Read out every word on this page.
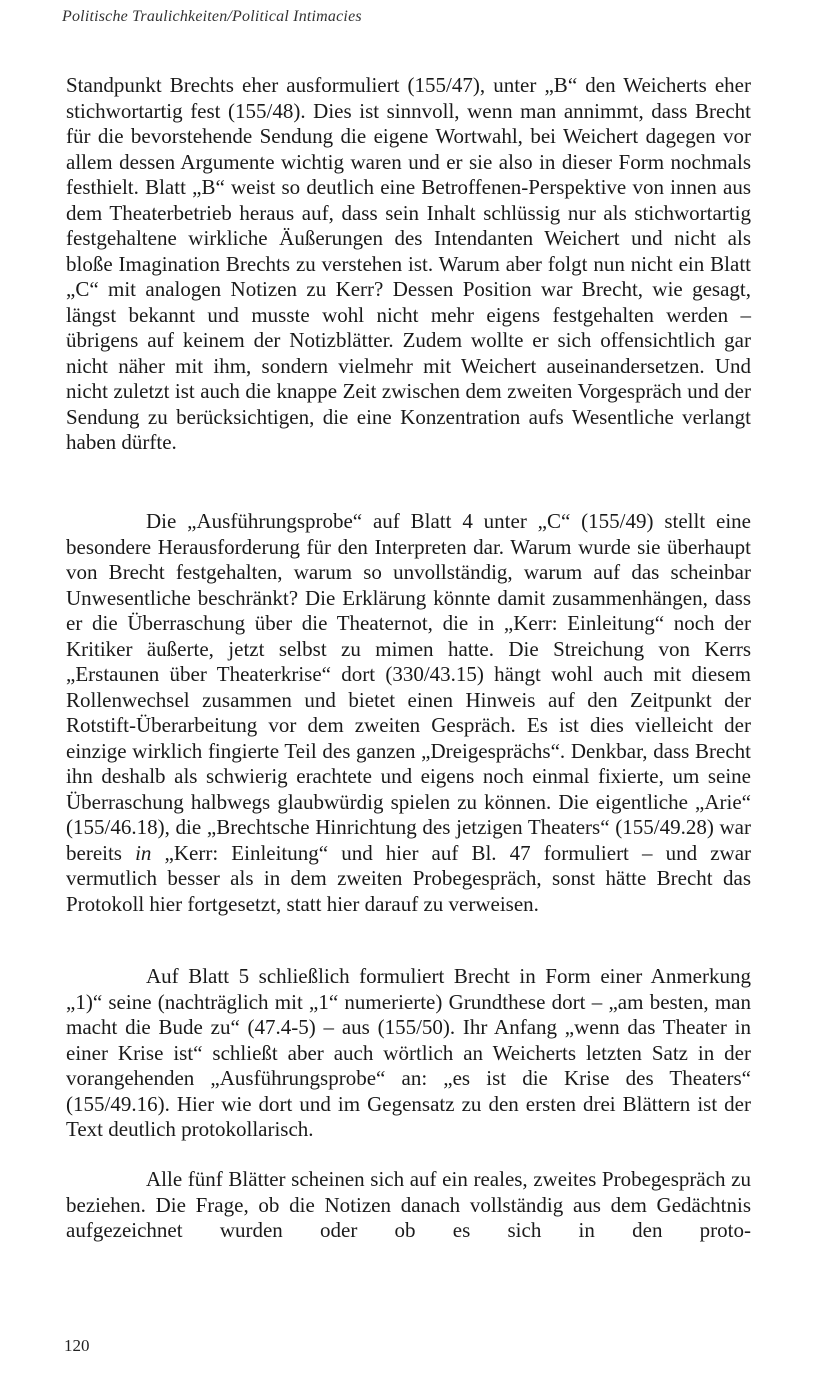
Politische Traulichkeiten/Political Intimacies

Standpunkt Brechts eher ausformuliert (155/47), unter „B“ den Weicherts eher stichwortartig fest (155/48). Dies ist sinnvoll, wenn man annimmt, dass Brecht für die bevorstehende Sendung die eigene Wortwahl, bei Weichert dagegen vor allem dessen Argumente wichtig waren und er sie also in dieser Form nochmals festhielt. Blatt „B“ weist so deutlich eine Betroffenen-Perspektive von innen aus dem Theaterbetrieb heraus auf, dass sein Inhalt schlüssig nur als stichwortartig festgehaltene wirkliche Äußerungen des Intendanten Weichert und nicht als bloße Imagination Brechts zu verstehen ist. Warum aber folgt nun nicht ein Blatt „C“ mit analogen Notizen zu Kerr? Dessen Position war Brecht, wie gesagt, längst bekannt und musste wohl nicht mehr eigens festgehalten werden – übrigens auf keinem der Notizblätter. Zudem wollte er sich offensichtlich gar nicht näher mit ihm, sondern vielmehr mit Weichert auseinandersetzen. Und nicht zuletzt ist auch die knappe Zeit zwischen dem zweiten Vorgespräch und der Sendung zu berücksichtigen, die eine Konzentration aufs Wesentliche verlangt haben dürfte.

Die „Ausführungsprobe“ auf Blatt 4 unter „C“ (155/49) stellt eine besondere Herausforderung für den Interpreten dar. Warum wurde sie überhaupt von Brecht festgehalten, warum so unvollständig, warum auf das scheinbar Unwesentliche beschränkt? Die Erklärung könnte damit zusammenhängen, dass er die Überraschung über die Theaternot, die in „Kerr: Einleitung“ noch der Kritiker äußerte, jetzt selbst zu mimen hatte. Die Streichung von Kerrs „Erstaunen über Theaterkrise“ dort (330/43.15) hängt wohl auch mit diesem Rollenwechsel zusammen und bietet einen Hinweis auf den Zeitpunkt der Rotstift-Überarbeitung vor dem zweiten Gespräch. Es ist dies vielleicht der einzige wirklich fingierte Teil des ganzen „Dreigesprächs“. Denkbar, dass Brecht ihn deshalb als schwierig erachtete und eigens noch einmal fixierte, um seine Überraschung halbwegs glaubwürdig spielen zu können. Die eigentliche „Arie“ (155/46.18), die „Brechtsche Hinrichtung des jetzigen Theaters“ (155/49.28) war bereits in „Kerr: Einleitung“ und hier auf Bl. 47 formuliert – und zwar vermutlich besser als in dem zweiten Probegespräch, sonst hätte Brecht das Protokoll hier fortgesetzt, statt hier darauf zu verweisen.

Auf Blatt 5 schließlich formuliert Brecht in Form einer Anmerkung „1)“ seine (nachträglich mit „1“ numerierte) Grundthese dort – „am besten, man macht die Bude zu“ (47.4-5) – aus (155/50). Ihr Anfang „wenn das Theater in einer Krise ist“ schließt aber auch wörtlich an Weicherts letzten Satz in der vorangehenden „Ausführungsprobe“ an: „es ist die Krise des Theaters“ (155/49.16). Hier wie dort und im Gegensatz zu den ersten drei Blättern ist der Text deutlich protokollarisch.

Alle fünf Blätter scheinen sich auf ein reales, zweites Probegespräch zu beziehen. Die Frage, ob die Notizen danach vollständig aus dem Gedächtnis aufgezeichnet wurden oder ob es sich in den proto-

120
